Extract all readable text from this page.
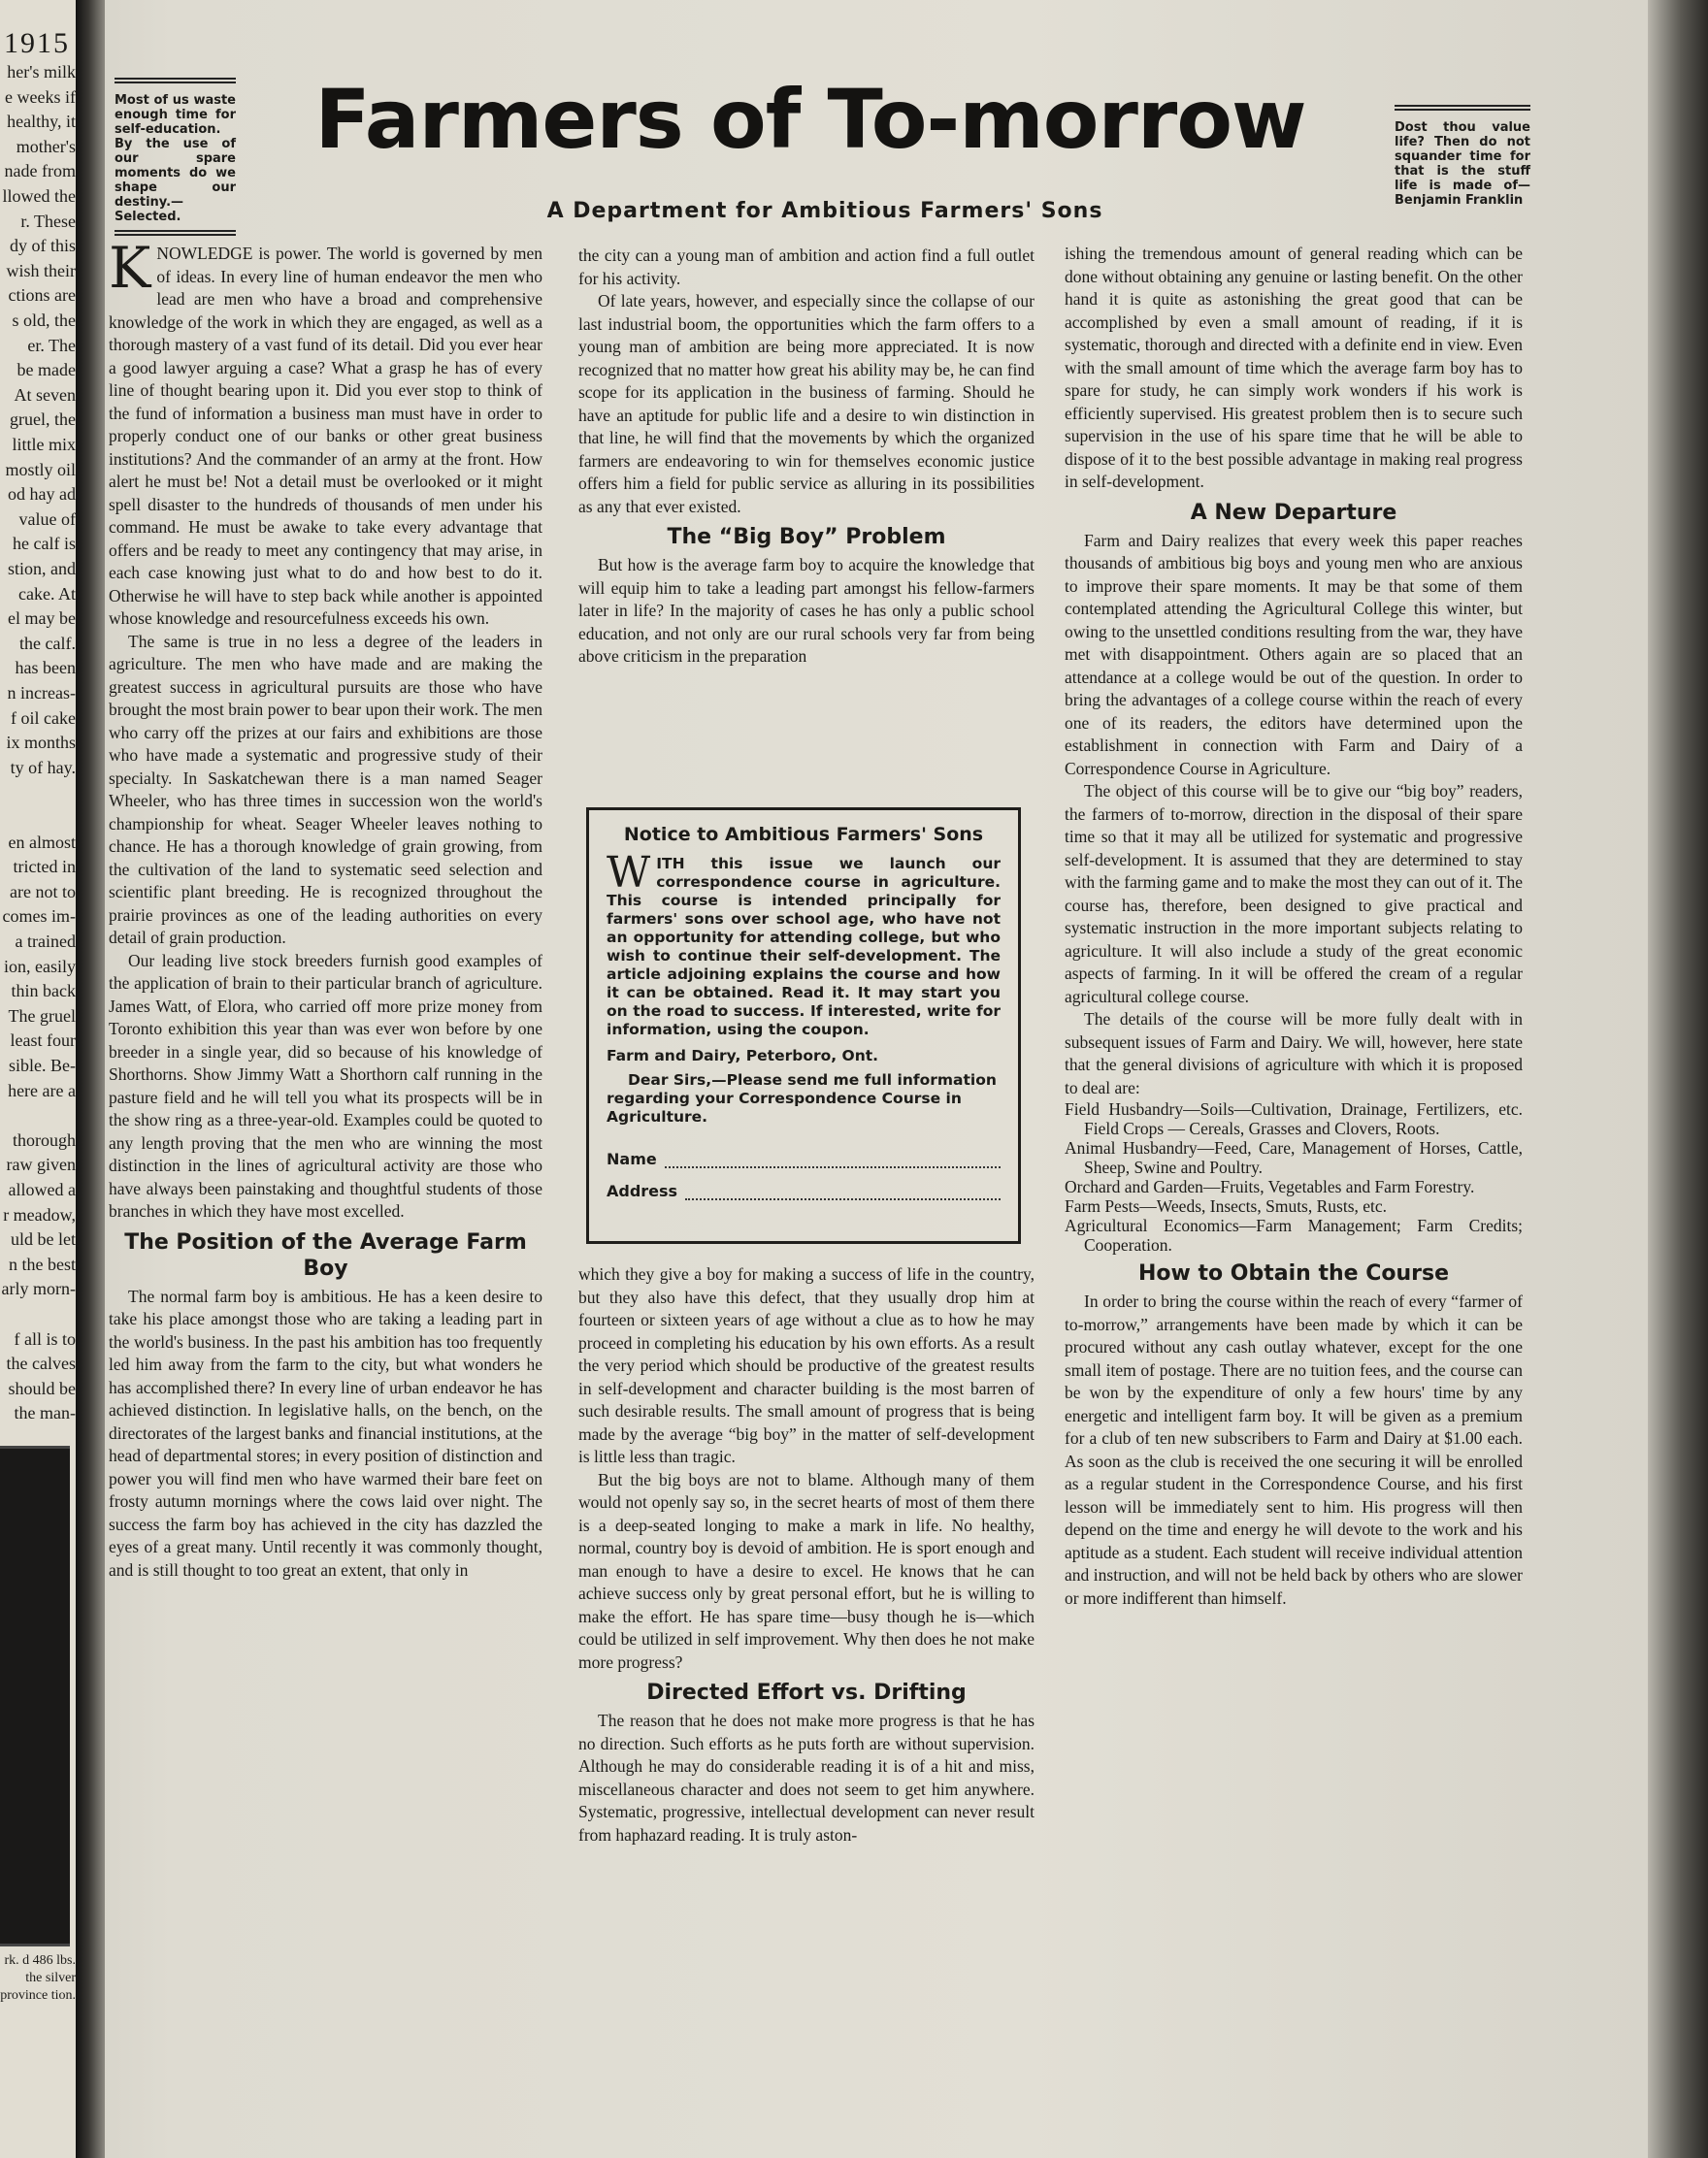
1915
her's milk
e weeks if
healthy, it
mother's
nade from
llowed the
r. These
dy of this
wish their
ctions are
s old, the
er. The
be made
At seven
gruel, the
little mix
mostly oil
od hay ad
value of
he calf is
stion, and
cake. At
el may be
the calf.
has been
n increas-
f oil cake
ix months
ty of hay.
en almost
tricted in
are not to
comes im-
a trained
ion, easily
thin back
The gruel
least four
sible. Be-
here are a
thorough
raw given
allowed a
r meadow,
uld be let
n the best
arly morn-
f all is to
the calves
should be
the man-
rk. d 486 lbs. the silver province tion.
Most of us waste enough time for self-education. By the use of our spare moments do we shape our destiny.—Selected.
Farmers of To-morrow	Dost thou value life? Then do not squander time for that is the stuff life is made of—Benjamin Franklin
A Department for Ambitious Farmers' Sons

KNOWLEDGE is power. The world is governed by men of ideas. In every line of human endeavor the men who lead are men who have a broad and comprehensive knowledge of the work in which they are engaged, as well as a thorough mastery of a vast fund of its detail. Did you ever hear a good lawyer arguing a case? What a grasp he has of every line of thought bearing upon it. Did you ever stop to think of the fund of information a business man must have in order to properly conduct one of our banks or other great business institutions? And the commander of an army at the front. How alert he must be! Not a detail must be overlooked or it might spell disaster to the hundreds of thousands of men under his command. He must be awake to take every advantage that offers and be ready to meet any contingency that may arise, in each case knowing just what to do and how best to do it. Otherwise he will have to step back while another is appointed whose knowledge and resourcefulness exceeds his own.

The same is true in no less a degree of the leaders in agriculture. The men who have made and are making the greatest success in agricultural pursuits are those who have brought the most brain power to bear upon their work. The men who carry off the prizes at our fairs and exhibitions are those who have made a systematic and progressive study of their specialty. In Saskatchewan there is a man named Seager Wheeler, who has three times in succession won the world's championship for wheat. Seager Wheeler leaves nothing to chance. He has a thorough knowledge of grain growing, from the cultivation of the land to systematic seed selection and scientific plant breeding. He is recognized throughout the prairie provinces as one of the leading authorities on every detail of grain production.

Our leading live stock breeders furnish good examples of the application of brain to their particular branch of agriculture. James Watt, of Elora, who carried off more prize money from Toronto exhibition this year than was ever won before by one breeder in a single year, did so because of his knowledge of Shorthorns. Show Jimmy Watt a Shorthorn calf running in the pasture field and he will tell you what its prospects will be in the show ring as a three-year-old. Examples could be quoted to any length proving that the men who are winning the most distinction in the lines of agricultural activity are those who have always been painstaking and thoughtful students of those branches in which they have most excelled.

The Position of the Average Farm Boy

The normal farm boy is ambitious. He has a keen desire to take his place amongst those who are taking a leading part in the world's business. In the past his ambition has too frequently led him away from the farm to the city, but what wonders he has accomplished there? In every line of urban endeavor he has achieved distinction. In legislative halls, on the bench, on the directorates of the largest banks and financial institutions, at the head of departmental stores; in every position of distinction and power you will find men who have warmed their bare feet on frosty autumn mornings where the cows laid over night. The success the farm boy has achieved in the city has dazzled the eyes of a great many. Until recently it was commonly thought, and is still thought to too great an extent, that only in

the city can a young man of ambition and action find a full outlet for his activity.

Of late years, however, and especially since the collapse of our last industrial boom, the opportunities which the farm offers to a young man of ambition are being more appreciated. It is now recognized that no matter how great his ability may be, he can find scope for its application in the business of farming. Should he have an aptitude for public life and a desire to win distinction in that line, he will find that the movements by which the organized farmers are endeavoring to win for themselves economic justice offers him a field for public service as alluring in its possibilities as any that ever existed.

The “Big Boy” Problem

But how is the average farm boy to acquire the knowledge that will equip him to take a leading part amongst his fellow-farmers later in life? In the majority of cases he has only a public school education, and not only are our rural schools very far from being above criticism in the preparation

Notice to Ambitious Farmers' Sons
WITH this issue we launch our correspondence course in agriculture. This course is intended principally for farmers' sons over school age, who have not an opportunity for attending college, but who wish to continue their self-development. The article adjoining explains the course and how it can be obtained. Read it. It may start you on the road to success. If interested, write for information, using the coupon.
Farm and Dairy, Peterboro, Ont.
Dear Sirs,—Please send me full information regarding your Correspondence Course in Agriculture.
Name
Address

which they give a boy for making a success of life in the country, but they also have this defect, that they usually drop him at fourteen or sixteen years of age without a clue as to how he may proceed in completing his education by his own efforts. As a result the very period which should be productive of the greatest results in self-development and character building is the most barren of such desirable results. The small amount of progress that is being made by the average “big boy” in the matter of self-development is little less than tragic.

But the big boys are not to blame. Although many of them would not openly say so, in the secret hearts of most of them there is a deep-seated longing to make a mark in life. No healthy, normal, country boy is devoid of ambition. He is sport enough and man enough to have a desire to excel. He knows that he can achieve success only by great personal effort, but he is willing to make the effort. He has spare time—busy though he is—which could be utilized in self improvement. Why then does he not make more progress?

Directed Effort vs. Drifting

The reason that he does not make more progress is that he has no direction. Such efforts as he puts forth are without supervision. Although he may do considerable reading it is of a hit and miss, miscellaneous character and does not seem to get him anywhere. Systematic, progressive, intellectual development can never result from haphazard reading. It is truly aston-

ishing the tremendous amount of general reading which can be done without obtaining any genuine or lasting benefit. On the other hand it is quite as astonishing the great good that can be accomplished by even a small amount of reading, if it is systematic, thorough and directed with a definite end in view. Even with the small amount of time which the average farm boy has to spare for study, he can simply work wonders if his work is efficiently supervised. His greatest problem then is to secure such supervision in the use of his spare time that he will be able to dispose of it to the best possible advantage in making real progress in self-development.

A New Departure

Farm and Dairy realizes that every week this paper reaches thousands of ambitious big boys and young men who are anxious to improve their spare moments. It may be that some of them contemplated attending the Agricultural College this winter, but owing to the unsettled conditions resulting from the war, they have met with disappointment. Others again are so placed that an attendance at a college would be out of the question. In order to bring the advantages of a college course within the reach of every one of its readers, the editors have determined upon the establishment in connection with Farm and Dairy of a Correspondence Course in Agriculture.

The object of this course will be to give our “big boy” readers, the farmers of to-morrow, direction in the disposal of their spare time so that it may all be utilized for systematic and progressive self-development. It is assumed that they are determined to stay with the farming game and to make the most they can out of it. The course has, therefore, been designed to give practical and systematic instruction in the more important subjects relating to agriculture. It will also include a study of the great economic aspects of farming. In it will be offered the cream of a regular agricultural college course.

The details of the course will be more fully dealt with in subsequent issues of Farm and Dairy. We will, however, here state that the general divisions of agriculture with which it is proposed to deal are:

Field Husbandry—Soils—Cultivation, Drainage, Fertilizers, etc. Field Crops — Cereals, Grasses and Clovers, Roots.

Animal Husbandry—Feed, Care, Management of Horses, Cattle, Sheep, Swine and Poultry.

Orchard and Garden—Fruits, Vegetables and Farm Forestry.

Farm Pests—Weeds, Insects, Smuts, Rusts, etc.

Agricultural Economics—Farm Management; Farm Credits; Cooperation.

How to Obtain the Course

In order to bring the course within the reach of every “farmer of to-morrow,” arrangements have been made by which it can be procured without any cash outlay whatever, except for the one small item of postage. There are no tuition fees, and the course can be won by the expenditure of only a few hours' time by any energetic and intelligent farm boy. It will be given as a premium for a club of ten new subscribers to Farm and Dairy at $1.00 each. As soon as the club is received the one securing it will be enrolled as a regular student in the Correspondence Course, and his first lesson will be immediately sent to him. His progress will then depend on the time and energy he will devote to the work and his aptitude as a student. Each student will receive individual attention and instruction, and will not be held back by others who are slower or more indifferent than himself.
